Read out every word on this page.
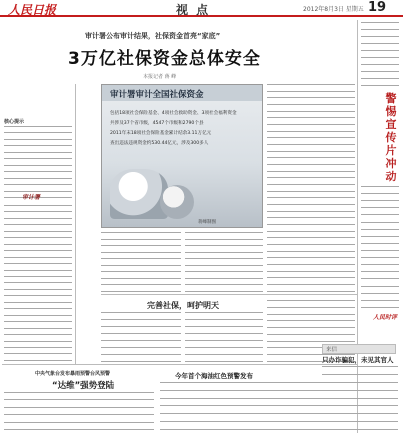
人民日报	视 点	2012年8月3日 星期五 19
审计署公布审计结果，社保资金首亮“家底”
3万亿社保资金总体安全
本报记者 蒋 峰
审计署审计全国社保资金
包括18项社会保险基金、4项社会救助资金、3项社会福利资金
共涉及37个省市级，4547个市级和2790个县
2011年末18项社会保险基金累计结余3.11万亿元
查出违法违规资金约530.44亿元，涉及300多人
蒋峰制图
核心提示
审计署
完善社保，呵护明天
中央气象台发布暴雨预警台风预警
“达维”强势登陆
今年首个海油红色预警发布
警惕宣传片冲动
人民时评
来信
只办诈骗犯，未见其官人
